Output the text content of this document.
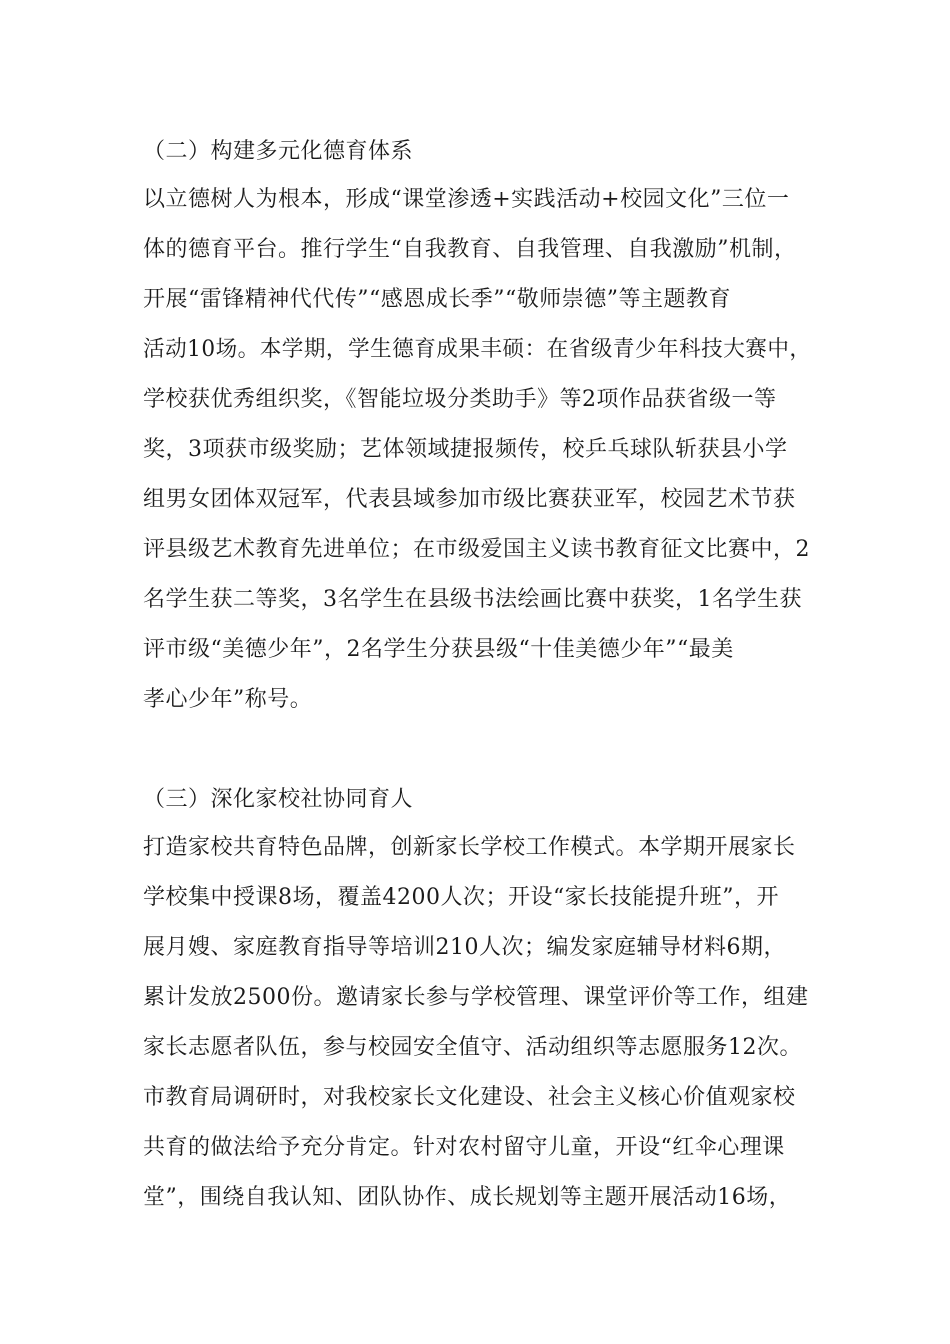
（二）构建多元化德育体系
以立德树人为根本，形成“课堂渗透+实践活动+校园文化”三位一
体的德育平台。推行学生“自我教育、自我管理、自我激励”机制，
开展“雷锋精神代代传”“感恩成长季”“敬师崇德”等主题教育
活动10场。本学期，学生德育成果丰硕：在省级青少年科技大赛中，
学校获优秀组织奖，《智能垃圾分类助手》等2项作品获省级一等
奖，3项获市级奖励；艺体领域捷报频传，校乒乓球队斩获县小学
组男女团体双冠军，代表县域参加市级比赛获亚军，校园艺术节获
评县级艺术教育先进单位；在市级爱国主义读书教育征文比赛中，2
名学生获二等奖，3名学生在县级书法绘画比赛中获奖，1名学生获
评市级“美德少年”，2名学生分获县级“十佳美德少年”“最美
孝心少年”称号。
（三）深化家校社协同育人
打造家校共育特色品牌，创新家长学校工作模式。本学期开展家长
学校集中授课8场，覆盖4200人次；开设“家长技能提升班”，开
展月嫂、家庭教育指导等培训210人次；编发家庭辅导材料6期，
累计发放2500份。邀请家长参与学校管理、课堂评价等工作，组建
家长志愿者队伍，参与校园安全值守、活动组织等志愿服务12次。
市教育局调研时，对我校家长文化建设、社会主义核心价值观家校
共育的做法给予充分肯定。针对农村留守儿童，开设“红伞心理课
堂”，围绕自我认知、团队协作、成长规划等主题开展活动16场，
